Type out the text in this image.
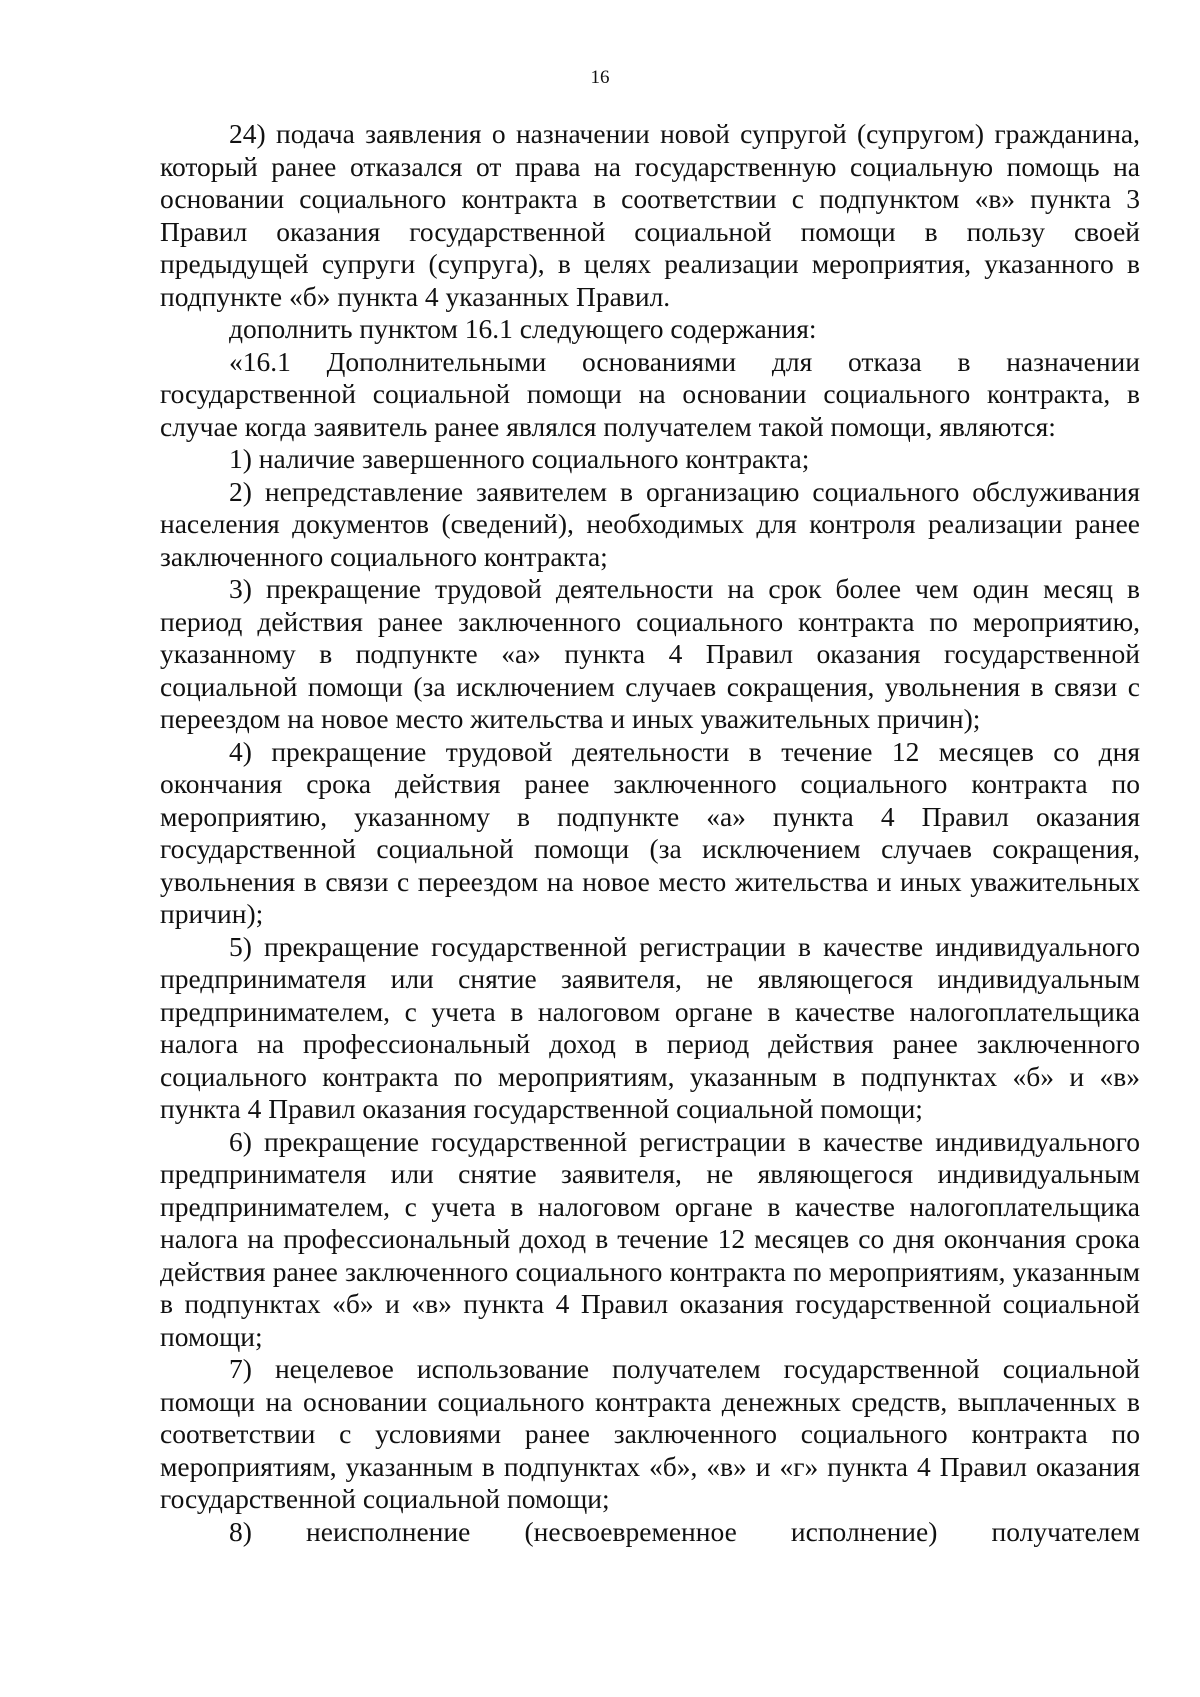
16

24) подача заявления о назначении новой супругой (супругом) гражданина, который ранее отказался от права на государственную социальную помощь на основании социального контракта в соответствии с подпунктом «в» пункта 3 Правил оказания государственной социальной помощи в пользу своей предыдущей супруги (супруга), в целях реализации мероприятия, указанного в подпункте «б» пункта 4 указанных Правил.

дополнить пунктом 16.1 следующего содержания:

«16.1 Дополнительными основаниями для отказа в назначении государственной социальной помощи на основании социального контракта, в случае когда заявитель ранее являлся получателем такой помощи, являются:

1) наличие завершенного социального контракта;

2) непредставление заявителем в организацию социального обслуживания населения документов (сведений), необходимых для контроля реализации ранее заключенного социального контракта;

3) прекращение трудовой деятельности на срок более чем один месяц в период действия ранее заключенного социального контракта по мероприятию, указанному в подпункте «а» пункта 4 Правил оказания государственной социальной помощи (за исключением случаев сокращения, увольнения в связи с переездом на новое место жительства и иных уважительных причин);

4) прекращение трудовой деятельности в течение 12 месяцев со дня окончания срока действия ранее заключенного социального контракта по мероприятию, указанному в подпункте «а» пункта 4 Правил оказания государственной социальной помощи (за исключением случаев сокращения, увольнения в связи с переездом на новое место жительства и иных уважительных причин);

5) прекращение государственной регистрации в качестве индивидуального предпринимателя или снятие заявителя, не являющегося индивидуальным предпринимателем, с учета в налоговом органе в качестве налогоплательщика налога на профессиональный доход в период действия ранее заключенного социального контракта по мероприятиям, указанным в подпунктах «б» и «в» пункта 4 Правил оказания государственной социальной помощи;

6) прекращение государственной регистрации в качестве индивидуального предпринимателя или снятие заявителя, не являющегося индивидуальным предпринимателем, с учета в налоговом органе в качестве налогоплательщика налога на профессиональный доход в течение 12 месяцев со дня окончания срока действия ранее заключенного социального контракта по мероприятиям, указанным в подпунктах «б» и «в» пункта 4 Правил оказания государственной социальной помощи;

7) нецелевое использование получателем государственной социальной помощи на основании социального контракта денежных средств, выплаченных в соответствии с условиями ранее заключенного социального контракта по мероприятиям, указанным в подпунктах «б», «в» и «г» пункта 4 Правил оказания государственной социальной помощи;

8) неисполнение (несвоевременное исполнение) получателем
